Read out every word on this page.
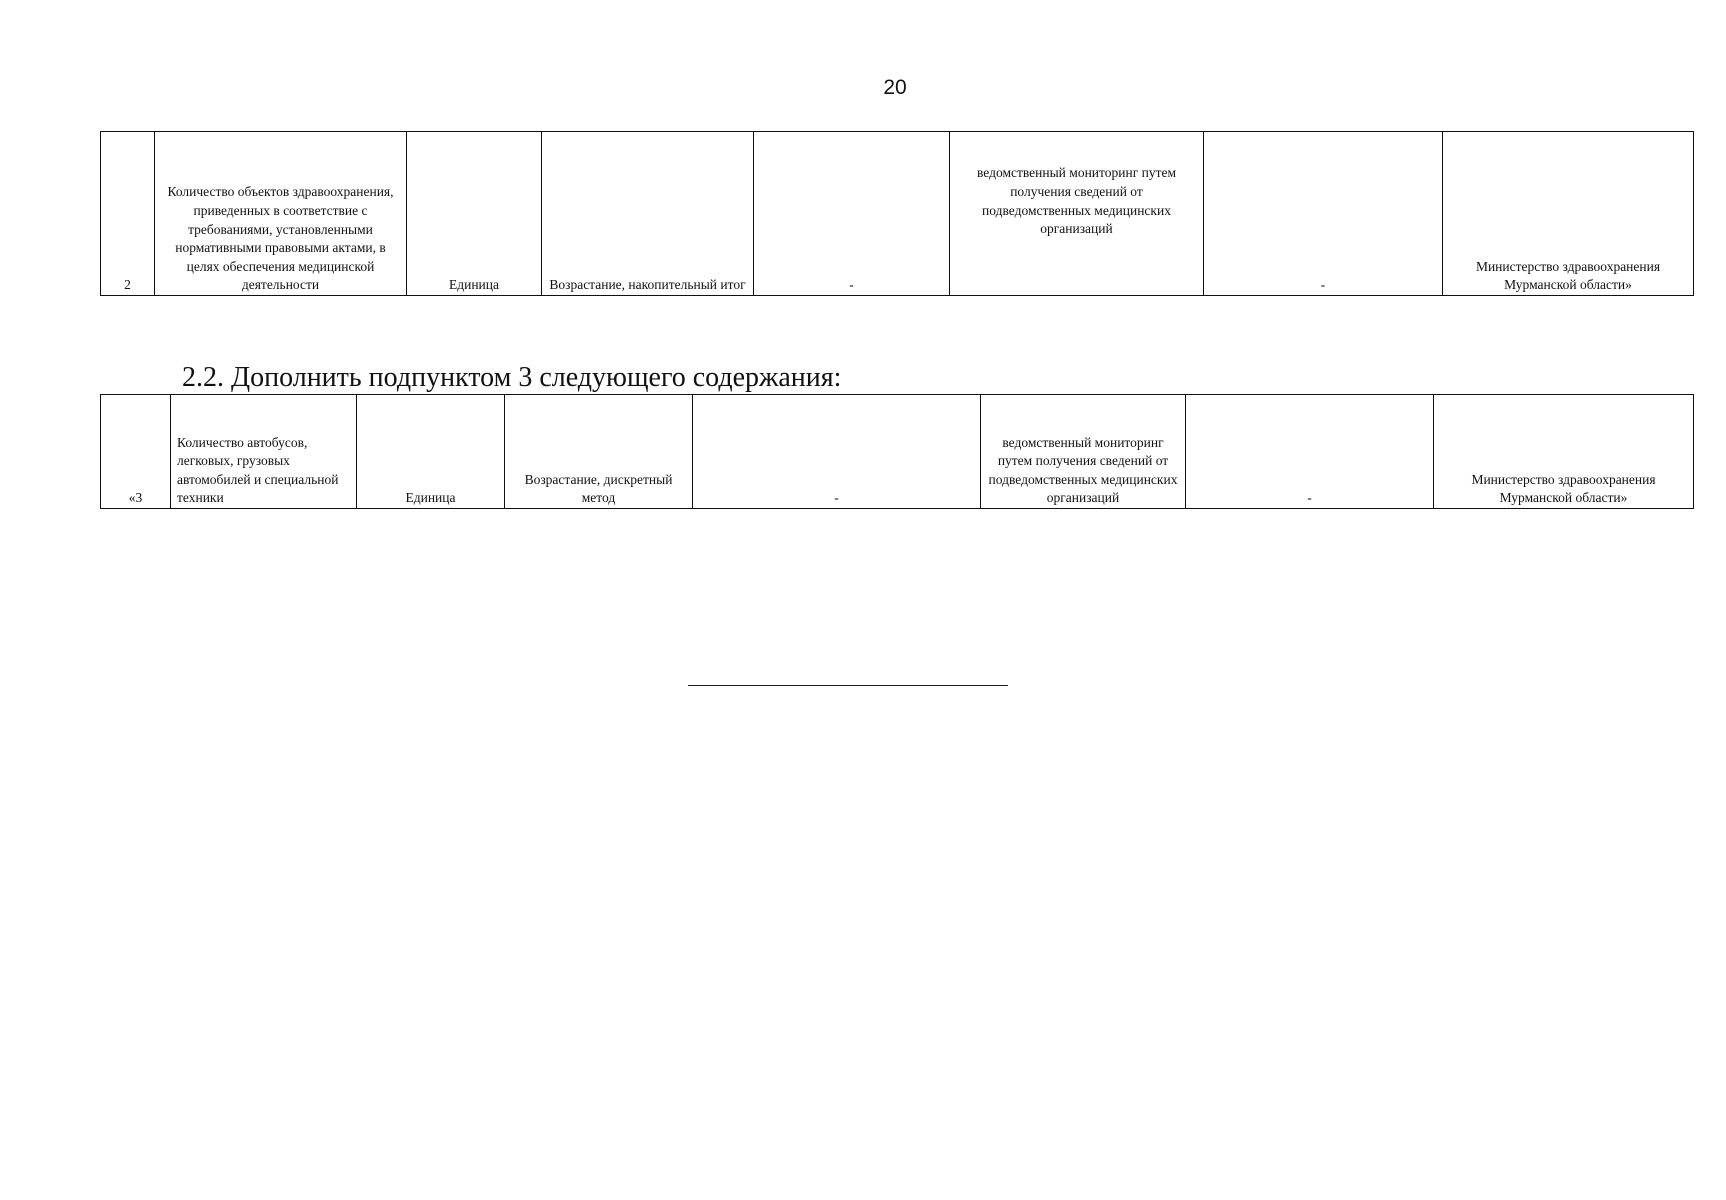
20
2	Количество объектов здравоохранения, приведенных в соответствие с требованиями, установленными нормативными правовыми актами, в целях обеспечения медицинской деятельности	Единица	Возрастание, накопительный итог	-	ведомственный мониторинг путем получения сведений от подведомственных медицинских организаций	-	Министерство здравоохранения Мурманской области»
2.2. Дополнить подпунктом 3 следующего содержания:
«3	Количество автобусов, легковых, грузовых автомобилей и специальной техники	Единица	Возрастание, дискретный метод	-	ведомственный мониторинг путем получения сведений от подведомственных медицинских организаций	-	Министерство здравоохранения Мурманской области»
